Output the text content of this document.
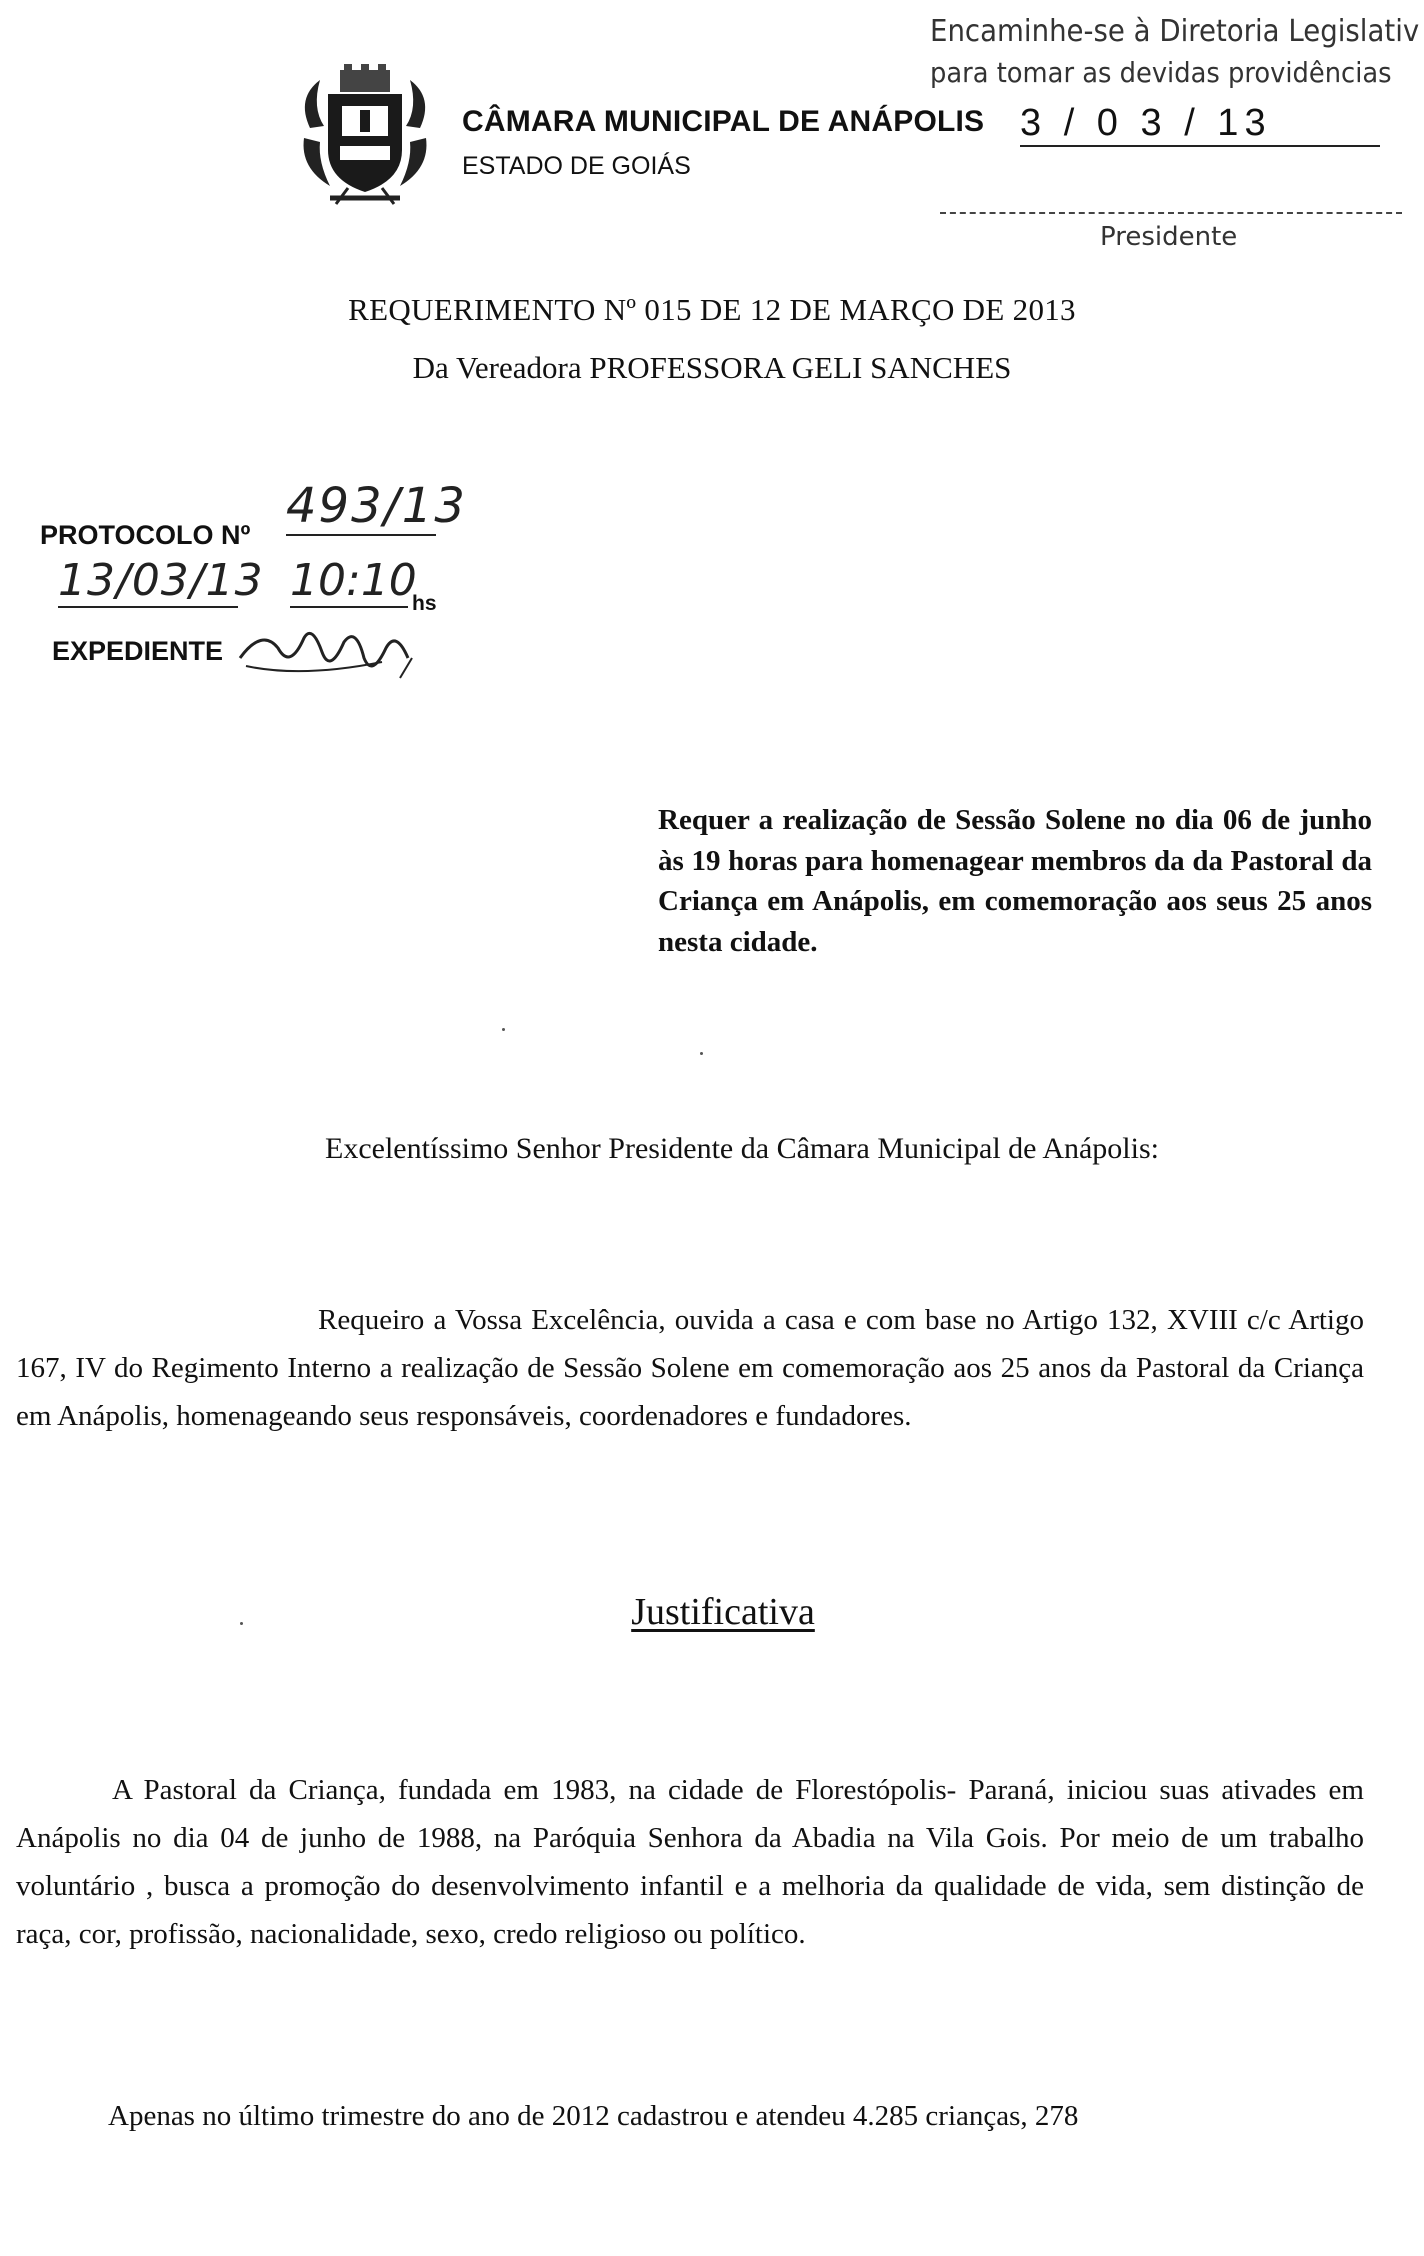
CÂMARA MUNICIPAL DE ANÁPOLIS
ESTADO DE GOIÁS
Encaminhe-se à Diretoria Legislativ
para tomar as devidas providências
3 / 0 3 / 13
Presidente
REQUERIMENTO Nº 015 DE 12 DE MARÇO DE 2013
Da Vereadora PROFESSORA GELI SANCHES
PROTOCOLO Nº
493/13
13/03/13 10:10
hs
EXPEDIENTE
Requer a realização de Sessão Solene no dia 06 de junho às 19 horas para homenagear membros da da Pastoral da Criança em Anápolis, em comemoração aos seus 25 anos nesta cidade.
Excelentíssimo Senhor Presidente da Câmara Municipal de Anápolis:
Requeiro a Vossa Excelência, ouvida a casa e com base no Artigo 132, XVIII c/c Artigo 167, IV do Regimento Interno a realização de Sessão Solene em comemoração aos 25 anos da Pastoral da Criança em Anápolis, homenageando seus responsáveis, coordenadores e fundadores.
Justificativa
A Pastoral da Criança, fundada em 1983, na cidade de Florestópolis- Paraná, iniciou suas ativades em Anápolis no dia 04 de junho de 1988, na Paróquia Senhora da Abadia na Vila Gois. Por meio de um trabalho voluntário , busca a promoção do desenvolvimento infantil e a melhoria da qualidade de vida, sem distinção de raça, cor, profissão, nacionalidade, sexo, credo religioso ou político.
Apenas no último trimestre do ano de 2012 cadastrou e atendeu 4.285 crianças, 278
